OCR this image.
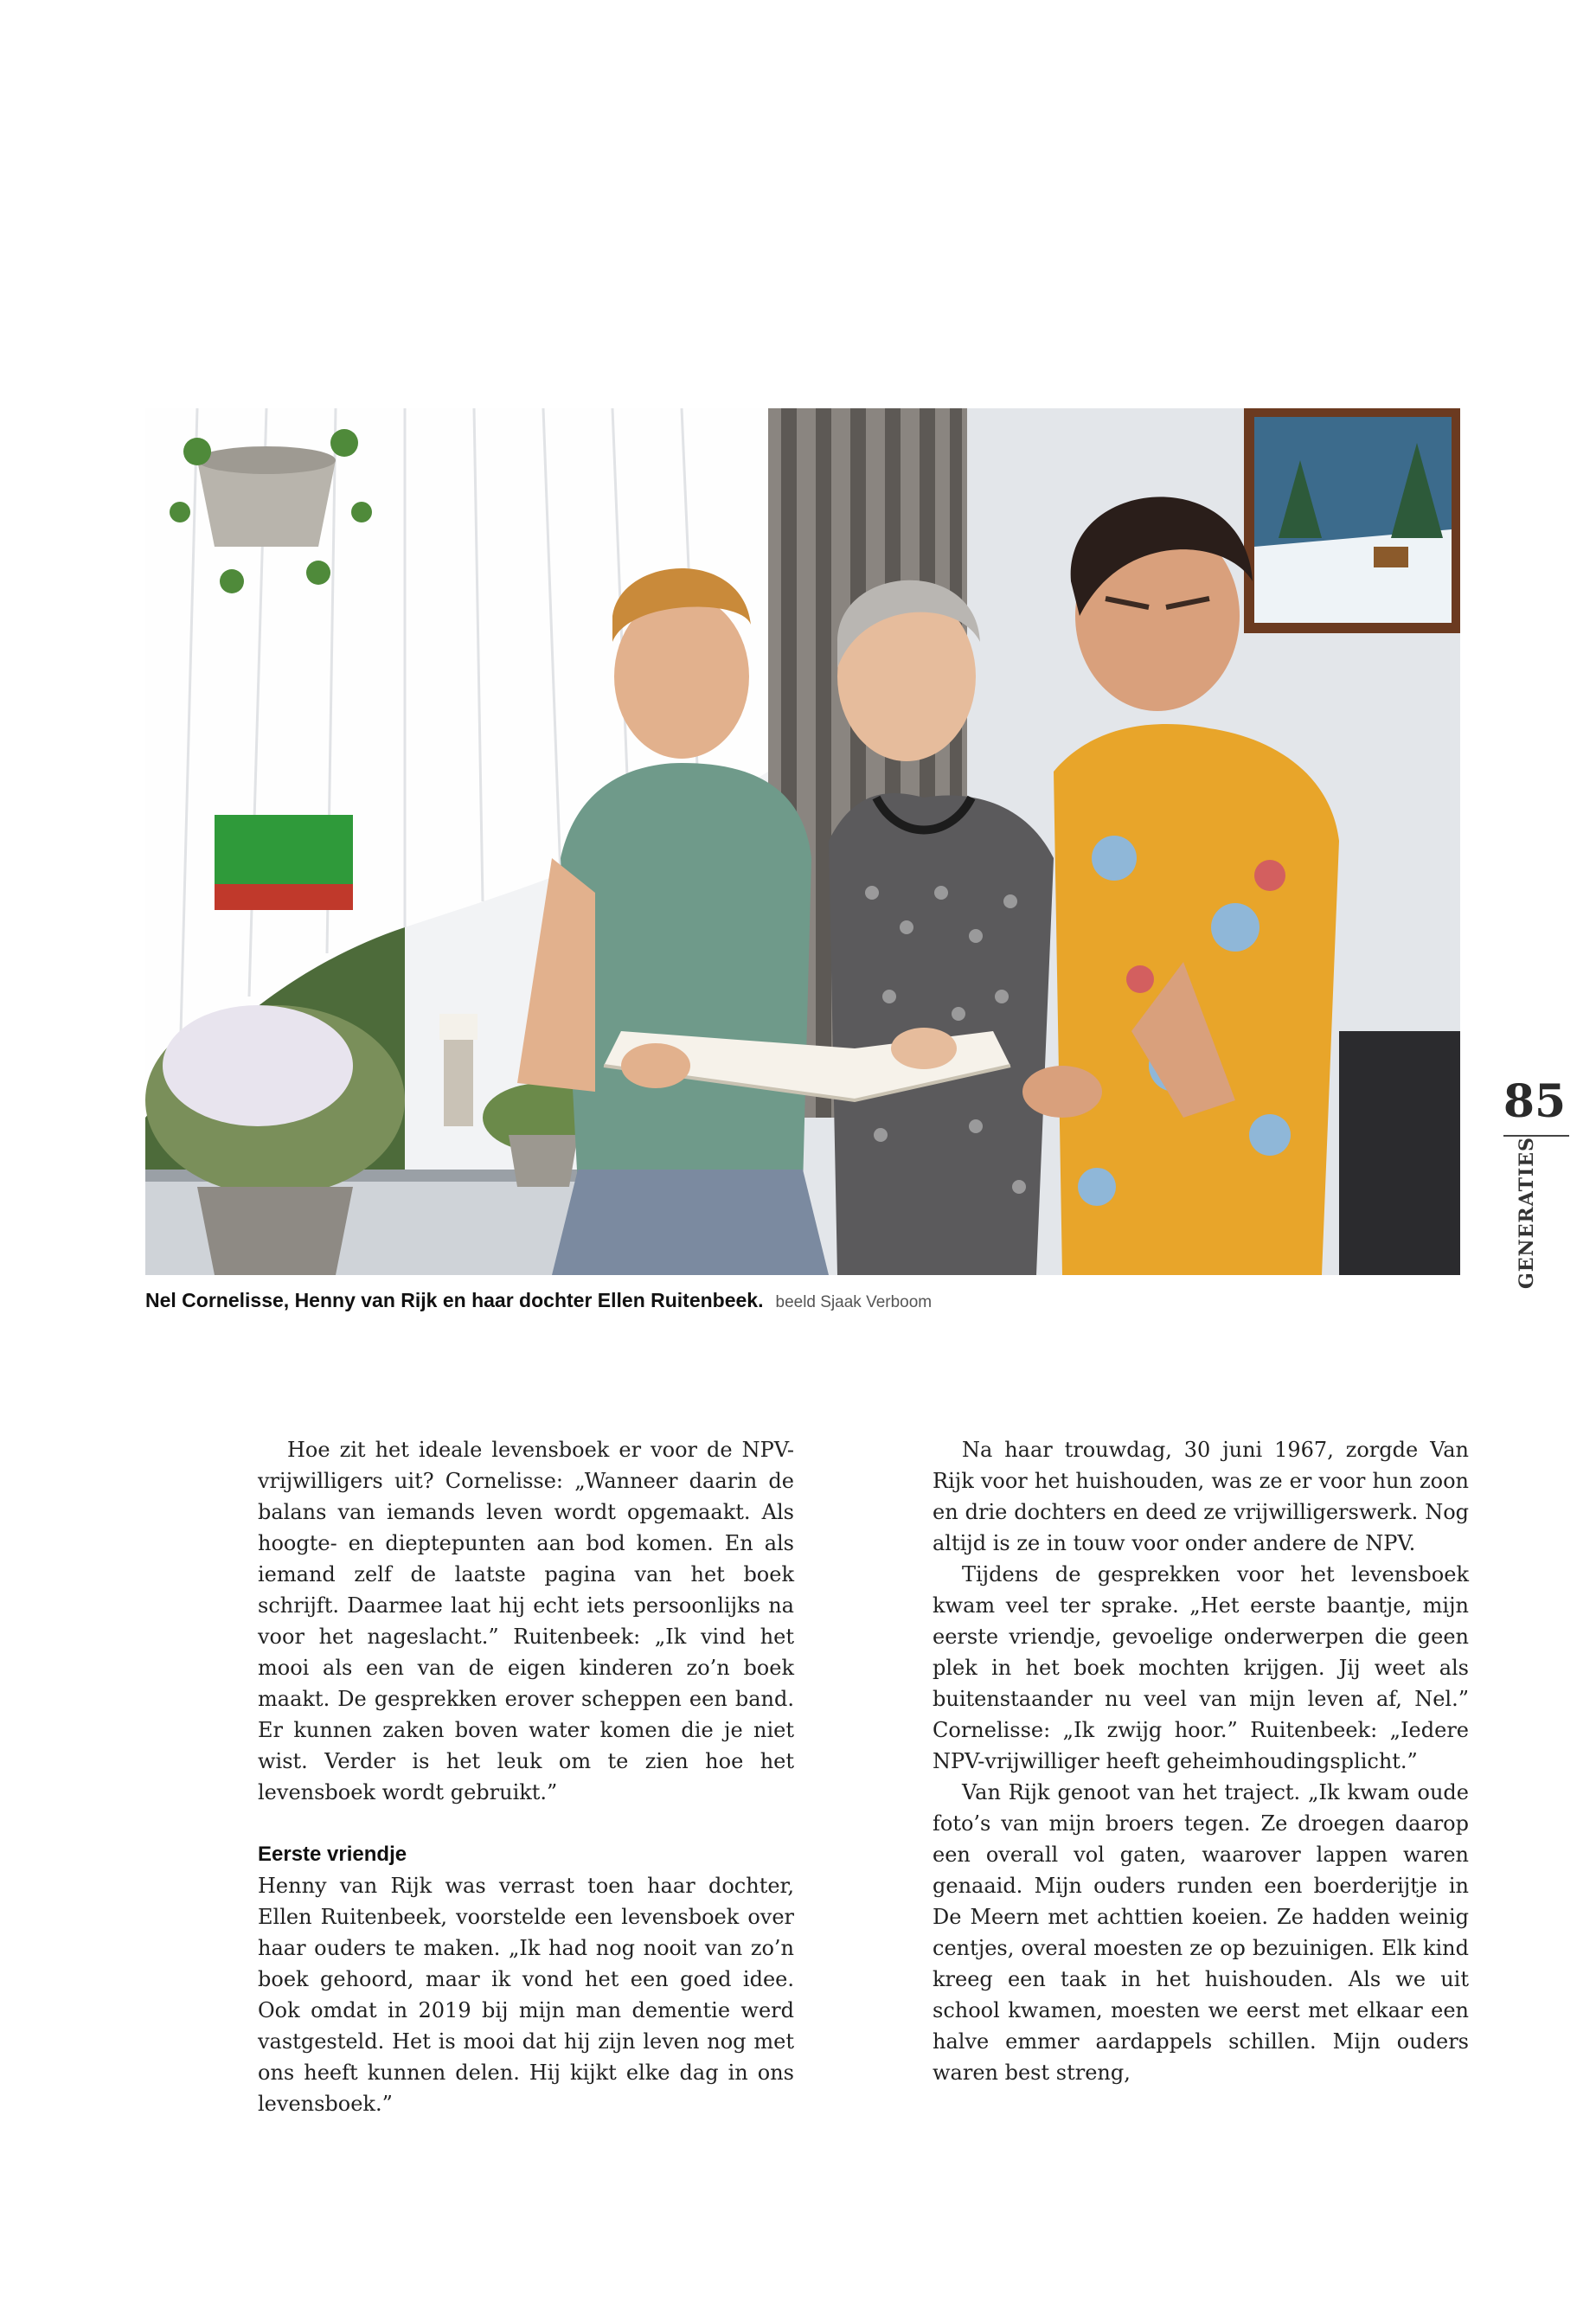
Nel Cornelisse, Henny van Rijk en haar dochter Ellen Ruitenbeek. beeld Sjaak Verboom
85
GENERATIES

Hoe zit het ideale levensboek er voor de NPV-vrijwilligers uit? Cornelisse: „Wanneer daarin de balans van iemands leven wordt opgemaakt. Als hoogte- en dieptepunten aan bod komen. En als iemand zelf de laatste pagina van het boek schrijft. Daarmee laat hij echt iets persoonlijks na voor het nageslacht.” Ruitenbeek: „Ik vind het mooi als een van de eigen kinderen zo’n boek maakt. De gesprekken erover scheppen een band. Er kunnen zaken boven water komen die je niet wist. Verder is het leuk om te zien hoe het levensboek wordt gebruikt.”

Eerste vriendje

Henny van Rijk was verrast toen haar dochter, Ellen Ruitenbeek, voorstelde een levensboek over haar ouders te maken. „Ik had nog nooit van zo’n boek gehoord, maar ik vond het een goed idee. Ook omdat in 2019 bij mijn man dementie werd vastgesteld. Het is mooi dat hij zijn leven nog met ons heeft kunnen delen. Hij kijkt elke dag in ons levensboek.”

Na haar trouwdag, 30 juni 1967, zorgde Van Rijk voor het huishouden, was ze er voor hun zoon en drie dochters en deed ze vrijwilligerswerk. Nog altijd is ze in touw voor onder andere de NPV.

Tijdens de gesprekken voor het levensboek kwam veel ter sprake. „Het eerste baantje, mijn eerste vriendje, gevoelige onderwerpen die geen plek in het boek mochten krijgen. Jij weet als buitenstaander nu veel van mijn leven af, Nel.” Cornelisse: „Ik zwijg hoor.” Ruitenbeek: „Iedere NPV-vrijwilliger heeft geheimhoudingsplicht.”

Van Rijk genoot van het traject. „Ik kwam oude foto’s van mijn broers tegen. Ze droegen daarop een overall vol gaten, waarover lappen waren genaaid. Mijn ouders runden een boerderijtje in De Meern met achttien koeien. Ze hadden weinig centjes, overal moesten ze op bezuinigen. Elk kind kreeg een taak in het huishouden. Als we uit school kwamen, moesten we eerst met elkaar een halve emmer aardappels schillen. Mijn ouders waren best streng,
